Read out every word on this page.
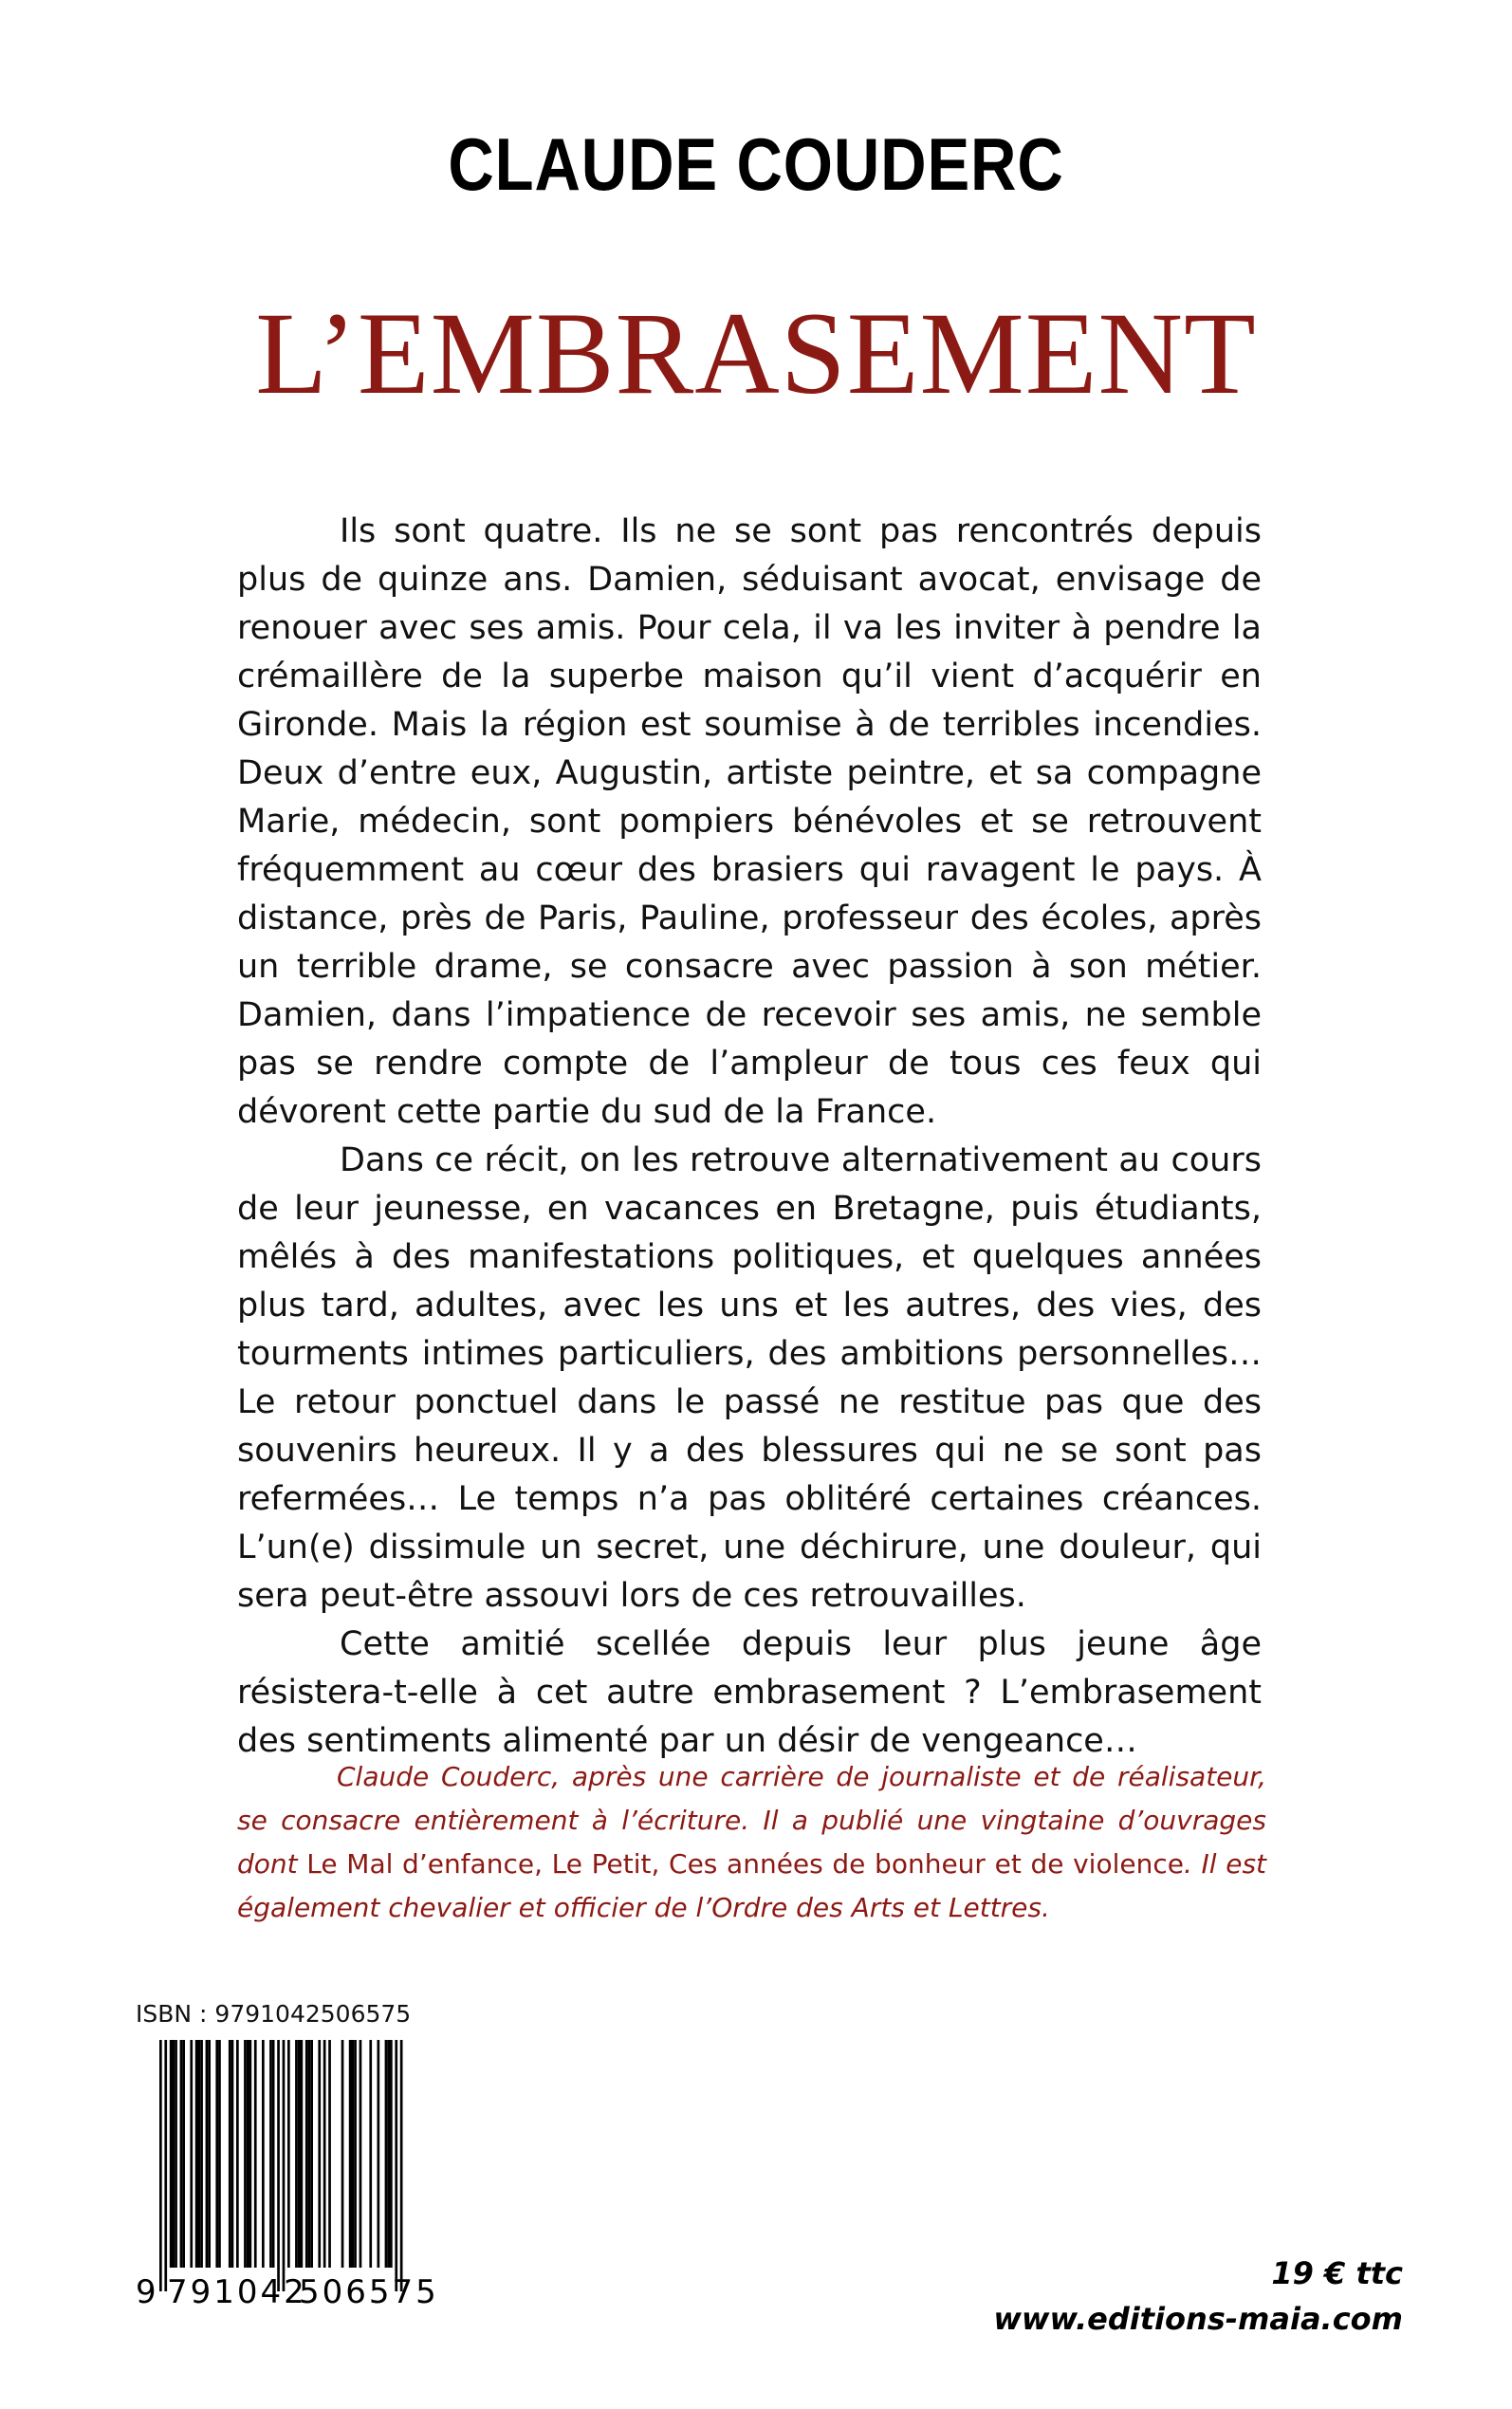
CLAUDE COUDERC
L’EMBRASEMENT

Ils sont quatre. Ils ne se sont pas rencontrés depuis plus de quinze ans. Damien, séduisant avocat, envisage de renouer avec ses amis. Pour cela, il va les inviter à pendre la crémaillère de la superbe maison qu’il vient d’acquérir en Gironde. Mais la région est soumise à de terribles incendies. Deux d’entre eux, Augustin, artiste peintre, et sa compagne Marie, médecin, sont pompiers bénévoles et se retrouvent fréquemment au cœur des brasiers qui ravagent le pays. À distance, près de Paris, Pauline, professeur des écoles, après un terrible drame, se consacre avec passion à son métier. Damien, dans l’impatience de recevoir ses amis, ne semble pas se rendre compte de l’ampleur de tous ces feux qui dévorent cette partie du sud de la France.

Dans ce récit, on les retrouve alternativement au cours de leur jeunesse, en vacances en Bretagne, puis étudiants, mêlés à des manifestations politiques, et quelques années plus tard, adultes, avec les uns et les autres, des vies, des tourments intimes particuliers, des ambitions personnelles… Le retour ponctuel dans le passé ne restitue pas que des souvenirs heureux. Il y a des blessures qui ne se sont pas refermées… Le temps n’a pas oblitéré certaines créances. L’un(e) dissimule un secret, une déchirure, une douleur, qui sera peut-être assouvi lors de ces retrouvailles.

Cette amitié scellée depuis leur plus jeune âge résistera-t-elle à cet autre embrasement ? L’embrasement des sentiments alimenté par un désir de vengeance…

Claude Couderc, après une carrière de journaliste et de réalisateur, se consacre entièrement à l’écriture. Il a publié une vingtaine d’ouvrages dont Le Mal d’enfance, Le Petit, Ces années de bonheur et de violence. Il est également chevalier et officier de l’Ordre des Arts et Lettres.

ISBN : 9791042506575
9 791042
506575	19 € ttc
www.editions-maia.com
